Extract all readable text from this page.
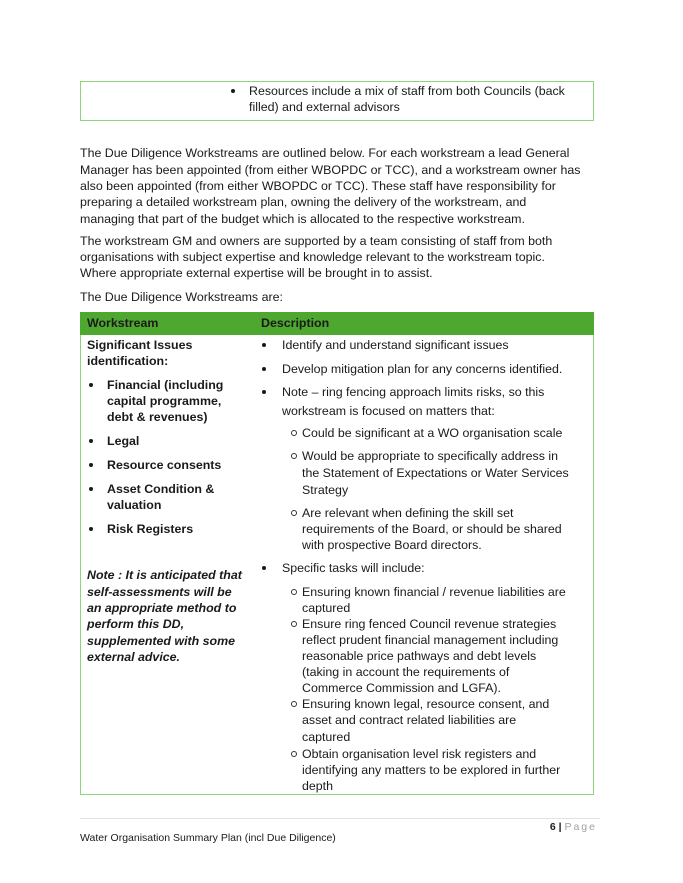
Resources include a mix of staff from both Councils (back
filled) and external advisors
The Due Diligence Workstreams are outlined below. For each workstream a lead General
Manager has been appointed (from either WBOPDC or TCC), and a workstream owner has
also been appointed (from either WBOPDC or TCC). These staff have responsibility for
preparing a detailed workstream plan, owning the delivery of the workstream, and
managing that part of the budget which is allocated to the respective workstream.
The workstream GM and owners are supported by a team consisting of staff from both
organisations with subject expertise and knowledge relevant to the workstream topic.
Where appropriate external expertise will be brought in to assist.
The Due Diligence Workstreams are:
Workstream	Description
Significant Issues
identification:
Financial (including
capital programme,
debt & revenues)
Legal
Resource consents
Asset Condition &
valuation
Risk Registers
Note : It is anticipated that
self-assessments will be
an appropriate method to
perform this DD,
supplemented with some
external advice.
Identify and understand significant issues
Develop mitigation plan for any concerns identified.
Note – ring fencing approach limits risks, so this
workstream is focused on matters that:
Could be significant at a WO organisation scale
Would be appropriate to specifically address in
the Statement of Expectations or Water Services
Strategy
Are relevant when defining the skill set
requirements of the Board, or should be shared
with prospective Board directors.
Specific tasks will include:
Ensuring known financial / revenue liabilities are
captured
Ensure ring fenced Council revenue strategies
reflect prudent financial management including
reasonable price pathways and debt levels
(taking in account the requirements of
Commerce Commission and LGFA).
Ensuring known legal, resource consent, and
asset and contract related liabilities are
captured
Obtain organisation level risk registers and
identifying any matters to be explored in further
depth
6 | Page
Water Organisation Summary Plan (incl Due Diligence)
